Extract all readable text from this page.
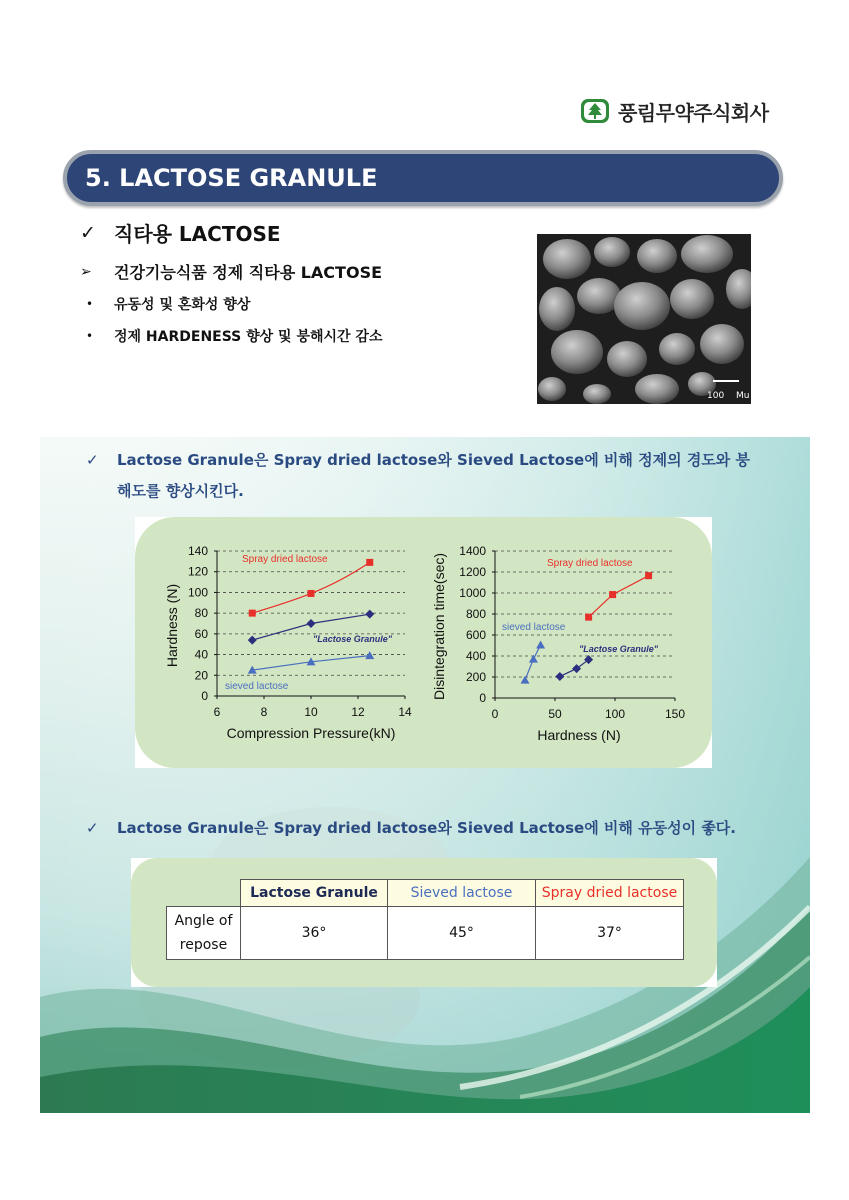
풍림무약주식회사
5. LACTOSE GRANULE
✓ 직타용 LACTOSE
➢	건강기능식품 정제 직타용 LACTOSE
•	유동성 및 혼화성 향상
•	정제 HARDENESS 향상 및 붕해시간 감소
100 Mu
✓	Lactose Granule은 Spray dried lactose와 Sieved Lactose에 비해 정제의 경도와 붕
해도를 향상시킨다.
0
20
40
60
80
100
120
140
6	8	10	12	14
Compression Pressure(kN)
Hardness (N)
Spray dried lactose
"Lactose Granule"
sieved lactose
0
200
400
600
800
1000
1200
1400
0	50	100	150
Hardness (N)
Disintegration time(sec)	Spray dried lactose
"Lactose Granule"
sieved lactose
✓	Lactose Granule은 Spray dried lactose와 Sieved Lactose에 비해 유동성이 좋다.
	Lactose Granule	Sieved lactose	Spray dried lactose

Angle of
repose	36°	45°	37°
